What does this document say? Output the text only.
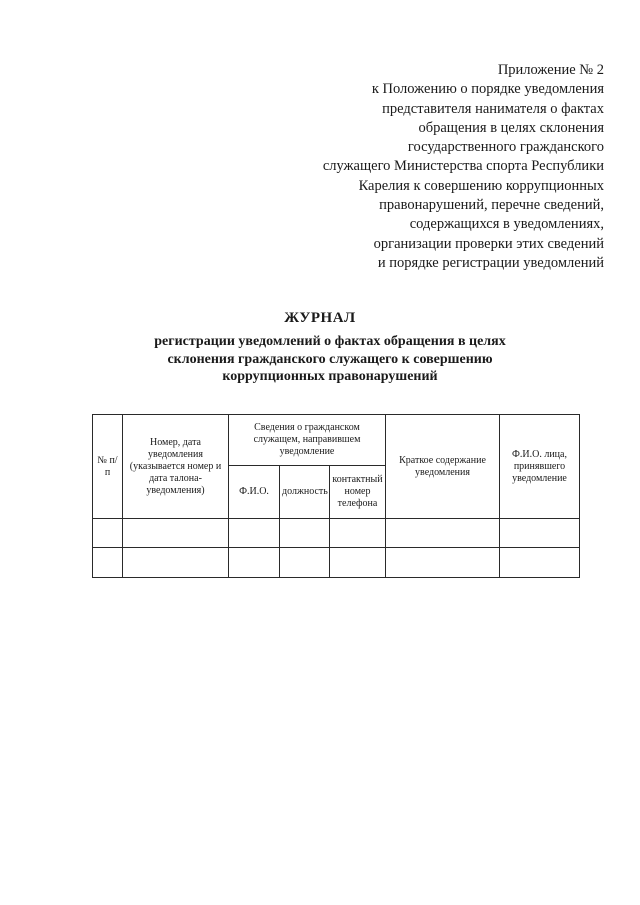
Приложение № 2
к Положению о порядке уведомления
представителя нанимателя о фактах
обращения в целях склонения
государственного гражданского
служащего Министерства спорта Республики
Карелия к совершению коррупционных
правонарушений, перечне сведений,
содержащихся в уведомлениях,
организации проверки этих сведений
и порядке регистрации уведомлений
ЖУРНАЛ
регистрации уведомлений о фактах обращения в целях
склонения гражданского служащего к совершению
коррупционных правонарушений
№ п/п	Номер, дата уведомления (указывается номер и дата талона-уведомления)	Сведения о гражданском служащем, направившем уведомление			Краткое содержание уведомления	Ф.И.О. лица, принявшего уведомление
		Ф.И.О.	должность	контактный номер телефона		
